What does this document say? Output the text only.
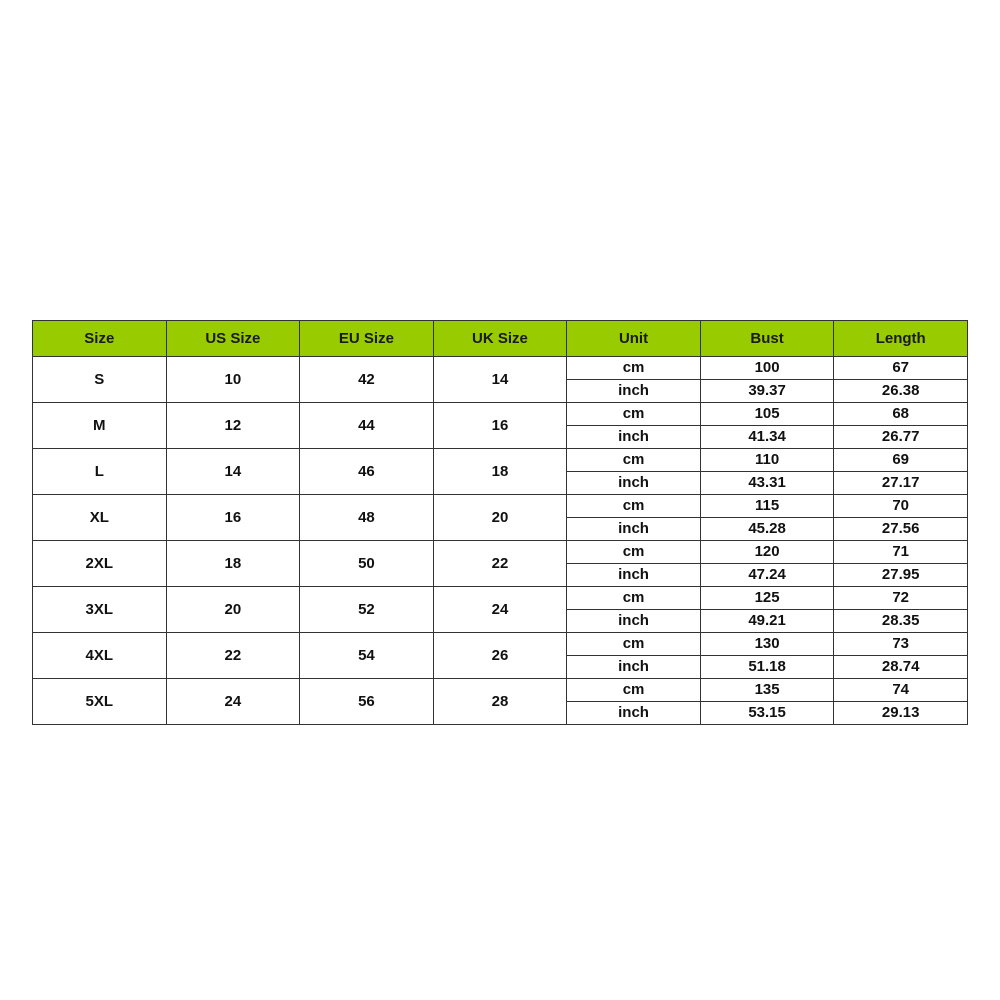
Size	US Size	EU Size	UK Size	Unit	Bust	Length
S	10	42	14	cm	100	67
				inch	39.37	26.38
M	12	44	16	cm	105	68
				inch	41.34	26.77
L	14	46	18	cm	110	69
				inch	43.31	27.17
XL	16	48	20	cm	115	70
				inch	45.28	27.56
2XL	18	50	22	cm	120	71
				inch	47.24	27.95
3XL	20	52	24	cm	125	72
				inch	49.21	28.35
4XL	22	54	26	cm	130	73
				inch	51.18	28.74
5XL	24	56	28	cm	135	74
				inch	53.15	29.13
